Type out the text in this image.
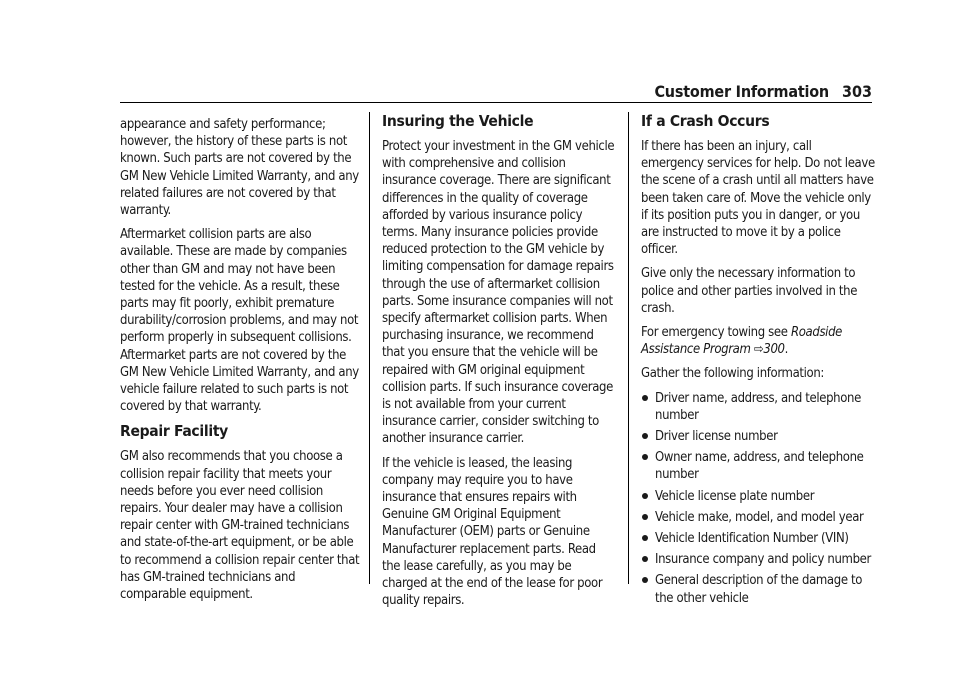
Customer Information 303

appearance and safety performance; however, the history of these parts is not known. Such parts are not covered by the GM New Vehicle Limited Warranty, and any related failures are not covered by that warranty.

Aftermarket collision parts are also available. These are made by companies other than GM and may not have been tested for the vehicle. As a result, these parts may fit poorly, exhibit premature durability/corrosion problems, and may not perform properly in subsequent collisions. Aftermarket parts are not covered by the GM New Vehicle Limited Warranty, and any vehicle failure related to such parts is not covered by that warranty.

Repair Facility

GM also recommends that you choose a collision repair facility that meets your needs before you ever need collision repairs. Your dealer may have a collision repair center with GM-trained technicians and state-of-the-art equipment, or be able to recommend a collision repair center that has GM-trained technicians and comparable equipment.

Insuring the Vehicle

Protect your investment in the GM vehicle with comprehensive and collision insurance coverage. There are significant differences in the quality of coverage afforded by various insurance policy terms. Many insurance policies provide reduced protection to the GM vehicle by limiting compensation for damage repairs through the use of aftermarket collision parts. Some insurance companies will not specify aftermarket collision parts. When purchasing insurance, we recommend that you ensure that the vehicle will be repaired with GM original equipment collision parts. If such insurance coverage is not available from your current insurance carrier, consider switching to another insurance carrier.

If the vehicle is leased, the leasing company may require you to have insurance that ensures repairs with Genuine GM Original Equipment Manufacturer (OEM) parts or Genuine Manufacturer replacement parts. Read the lease carefully, as you may be charged at the end of the lease for poor quality repairs.

If a Crash Occurs

If there has been an injury, call emergency services for help. Do not leave the scene of a crash until all matters have been taken care of. Move the vehicle only if its position puts you in danger, or you are instructed to move it by a police officer.

Give only the necessary information to police and other parties involved in the crash.

For emergency towing see Roadside Assistance Program ⇨300.

Gather the following information:

Driver name, address, and telephone number
Driver license number
Owner name, address, and telephone number
Vehicle license plate number
Vehicle make, model, and model year
Vehicle Identification Number (VIN)
Insurance company and policy number
General description of the damage to the other vehicle
